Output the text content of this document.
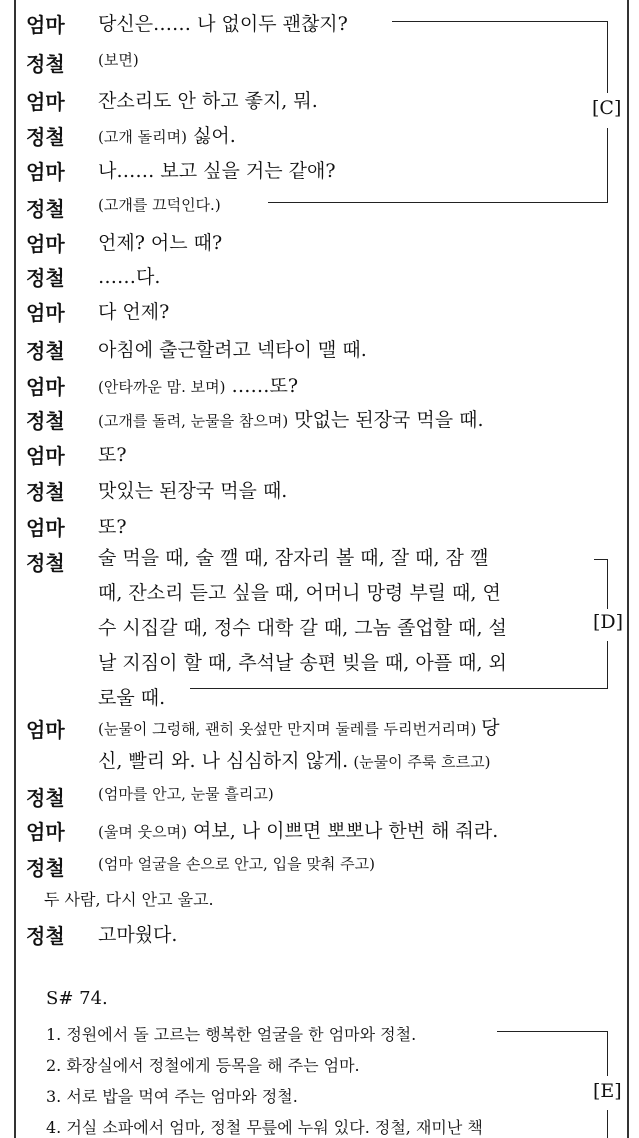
엄마 당신은…… 나 없이두 괜찮지?
정철 (보면)
엄마 잔소리도 안 하고 좋지, 뭐.
정철 (고개 돌리며) 싫어.
엄마 나…… 보고 싶을 거는 같애?
정철 (고개를 끄덕인다.)
엄마 언제? 어느 때?
정철 ……다.
엄마 다 언제?
정철 아침에 출근할려고 넥타이 맬 때.
엄마 (안타까운 맘. 보며) ……또?
정철 (고개를 돌려, 눈물을 참으며) 맛없는 된장국 먹을 때.
엄마 또?
정철 맛있는 된장국 먹을 때.
엄마 또?
정철 술 먹을 때, 술 깰 때, 잠자리 볼 때, 잘 때, 잠 깰
때, 잔소리 듣고 싶을 때, 어머니 망령 부릴 때, 연
수 시집갈 때, 정수 대학 갈 때, 그놈 졸업할 때, 설
날 지짐이 할 때, 추석날 송편 빚을 때, 아플 때, 외
로울 때.
엄마 (눈물이 그렁해, 괜히 옷섶만 만지며 둘레를 두리번거리며) 당
신, 빨리 와. 나 심심하지 않게. (눈물이 주룩 흐르고)
정철 (엄마를 안고, 눈물 흘리고)
엄마 (울며 웃으며) 여보, 나 이쁘면 뽀뽀나 한번 해 줘라.
정철 (엄마 얼굴을 손으로 안고, 입을 맞춰 주고)
두 사람, 다시 안고 울고.
정철 고마웠다.
S# 74.
1. 정원에서 돌 고르는 행복한 얼굴을 한 엄마와 정철.
2. 화장실에서 정철에게 등목을 해 주는 엄마.
3. 서로 밥을 먹여 주는 엄마와 정철.
4. 거실 소파에서 엄마, 정철 무릎에 누워 있다. 정철, 재미난 책
[C]
[D]
[E]
